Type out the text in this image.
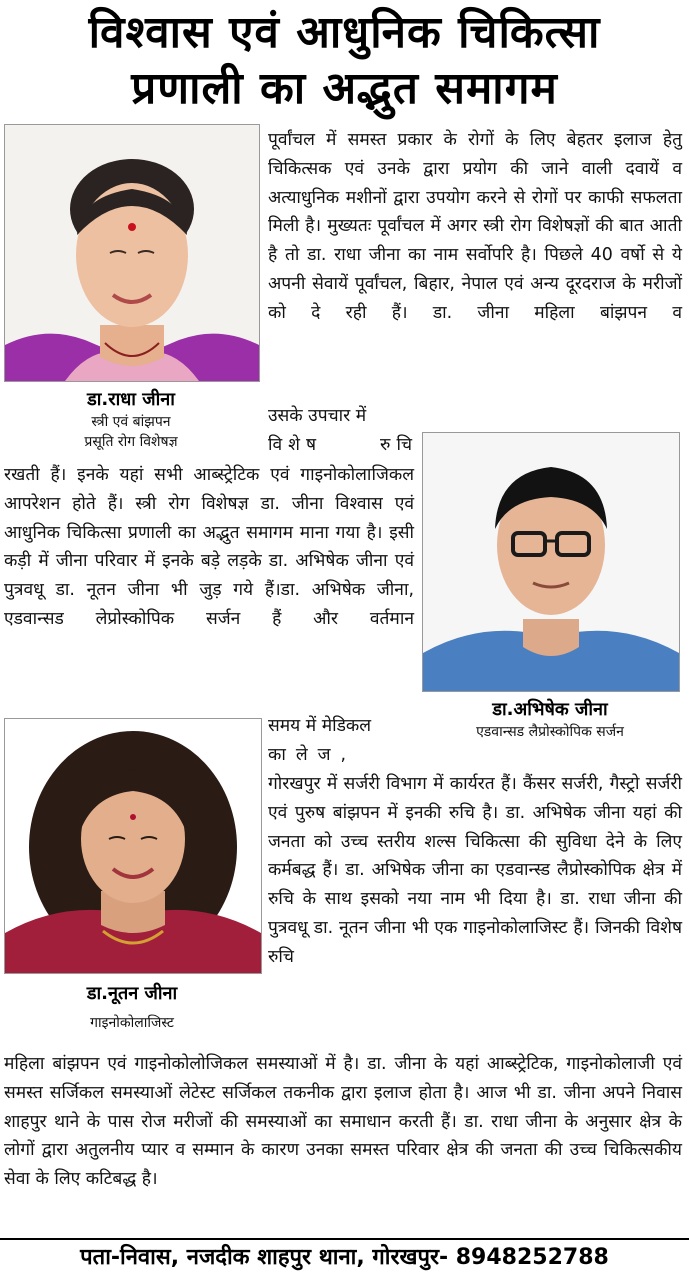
विश्वास एवं आधुनिक चिकित्सा
प्रणाली का अद्भुत समागम
डा.राधा जीना
स्त्री एवं बांझपन
प्रसूति रोग विशेषज्ञ

पूर्वांचल में समस्त प्रकार के रोगों के लिए बेहतर इलाज हेतु चिकित्सक एवं उनके द्वारा प्रयोग की जाने वाली दवायें व अत्याधुनिक मशीनों द्वारा उपयोग करने से रोगों पर काफी सफलता मिली है। मुख्यतः पूर्वांचल में अगर स्त्री रोग विशेषज्ञों की बात आती है तो डा. राधा जीना का नाम सर्वोपरि है। पिछले 40 वर्षो से ये अपनी सेवायें पूर्वांचल, बिहार, नेपाल एवं अन्य दूरदराज के मरीजों को दे रही हैं। डा. जीना महिला बांझपन व

उसके उपचार में

विशेष रुचि

डा.अभिषेक जीना
एडवान्सड लैप्रोस्कोपिक सर्जन

रखती हैं। इनके यहां सभी आब्स्ट्रेटिक एवं गाइनोकोलाजिकल आपरेशन होते हैं। स्त्री रोग विशेषज्ञ डा. जीना विश्वास एवं आधुनिक चिकित्सा प्रणाली का अद्भुत समागम माना गया है। इसी कड़ी में जीना परिवार में इनके बड़े लड़के डा. अभिषेक जीना एवं पुत्रवधू डा. नूतन जीना भी जुड़ गये हैं।डा. अभिषेक जीना, एडवान्सड लेप्रोस्कोपिक सर्जन हैं और वर्तमान

डा.नूतन जीना
गाइनोकोलाजिस्ट

समय में मेडिकल

कालेज,

गोरखपुर में सर्जरी विभाग में कार्यरत हैं। कैंसर सर्जरी, गैस्ट्रो सर्जरी एवं पुरुष बांझपन में इनकी रुचि है। डा. अभिषेक जीना यहां की जनता को उच्च स्तरीय शल्स चिकित्सा की सुविधा देने के लिए कर्मबद्ध हैं। डा. अभिषेक जीना का एडवान्स्ड लैप्रोस्कोपिक क्षेत्र में रुचि के साथ इसको नया नाम भी दिया है। डा. राधा जीना की पुत्रवधू डा. नूतन जीना भी एक गाइनोकोलाजिस्ट हैं। जिनकी विशेष रुचि

महिला बांझपन एवं गाइनोकोलोजिकल समस्याओं में है। डा. जीना के यहां आब्स्ट्रेटिक, गाइनोकोलाजी एवं समस्त सर्जिकल समस्याओं लेटेस्ट सर्जिकल तकनीक द्वारा इलाज होता है। आज भी डा. जीना अपने निवास शाहपुर थाने के पास रोज मरीजों की समस्याओं का समाधान करती हैं। डा. राधा जीना के अनुसार क्षेत्र के लोगों द्वारा अतुलनीय प्यार व सम्मान के कारण उनका समस्त परिवार क्षेत्र की जनता की उच्च चिकित्सकीय सेवा के लिए कटिबद्ध है।

पता-निवास, नजदीक शाहपुर थाना, गोरखपुर- 8948252788
